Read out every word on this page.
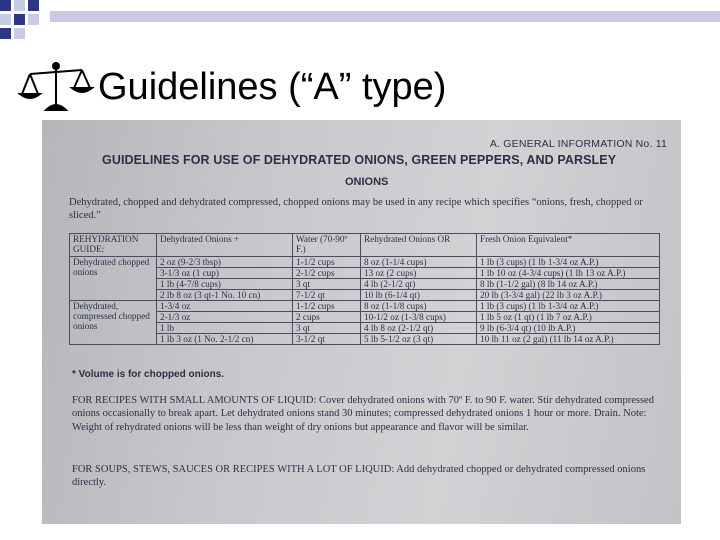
Guidelines (“A” type)
A. GENERAL INFORMATION No. 11
GUIDELINES FOR USE OF DEHYDRATED ONIONS, GREEN PEPPERS, AND PARSLEY
ONIONS
Dehydrated, chopped and dehydrated compressed, chopped onions may be used in any recipe which specifies “onions, fresh, chopped or sliced.”
REHYDRATION GUIDE:	Dehydrated Onions +	Water (70-90º F.)	Rehydrated Onions OR	Fresh Onion Equivalent*
Dehydrated chopped onions	2 oz (9-2/3 tbsp)	1-1/2 cups	8 oz (1-1/4 cups)	1 lb (3 cups) (1 lb 1-3/4 oz A.P.)
	3-1/3 oz (1 cup)	2-1/2 cups	13 oz (2 cups)	1 lb 10 oz (4-3/4 cups) (1 lb 13 oz A.P.)
	1 lb (4-7/8 cups)	3 qt	4 lb (2-1/2 qt)	8 lb (1-1/2 gal) (8 lb 14 oz A.P.)
	2 lb 8 oz (3 qt-1 No. 10 cn)	7-1/2 qt	10 lb (6-1/4 qt)	20 lb (3-3/4 gal) (22 lb 3 oz A.P.)
Dehydrated, compressed chopped onions	1-3/4 oz	1-1/2 cups	8 oz (1-1/8 cups)	1 lb (3 cups) (1 lb 1-3/4 oz A.P.)
	2-1/3 oz	2 cups	10-1/2 oz (1-3/8 cups)	1 lb 5 oz (1 qt) (1 lb 7 oz A.P.)
	1 lb	3 qt	4 lb 8 oz (2-1/2 qt)	9 lb (6-3/4 qt) (10 lb A.P.)
	1 lb 3 oz (1 No. 2-1/2 cn)	3-1/2 qt	5 lb 5-1/2 oz (3 qt)	10 lb 11 oz (2 gal) (11 lb 14 oz A.P.)
* Volume is for chopped onions.
FOR RECIPES WITH SMALL AMOUNTS OF LIQUID: Cover dehydrated onions with 70º F. to 90 F. water. Stir dehydrated compressed onions occasionally to break apart. Let dehydrated onions stand 30 minutes; compressed dehydrated onions 1 hour or more. Drain. Note: Weight of rehydrated onions will be less than weight of dry onions but appearance and flavor will be similar.
FOR SOUPS, STEWS, SAUCES OR RECIPES WITH A LOT OF LIQUID: Add dehydrated chopped or dehydrated compressed onions directly.
